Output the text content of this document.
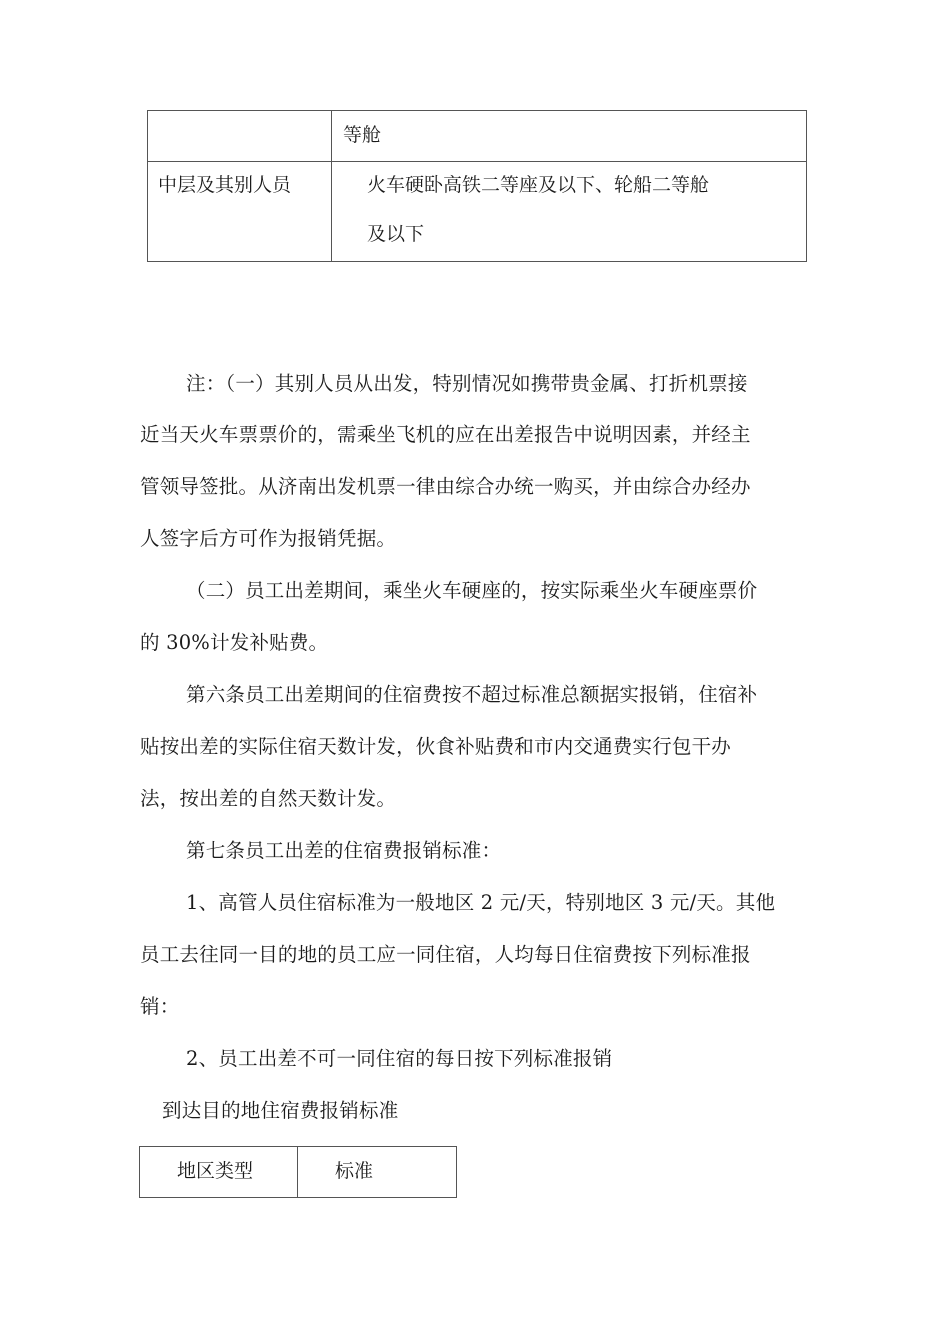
等舱
中层及其别人员	火车硬卧高铁二等座及以下、轮船二等舱
及以下
注：（一）其别人员从出发，特别情况如携带贵金属、打折机票接
近当天火车票票价的，需乘坐飞机的应在出差报告中说明因素，并经主
管领导签批。从济南出发机票一律由综合办统一购买，并由综合办经办
人签字后方可作为报销凭据。
（二）员工出差期间，乘坐火车硬座的，按实际乘坐火车硬座票价
的 30%计发补贴费。
第六条员工出差期间的住宿费按不超过标准总额据实报销，住宿补
贴按出差的实际住宿天数计发，伙食补贴费和市内交通费实行包干办
法，按出差的自然天数计发。
第七条员工出差的住宿费报销标准：
1、高管人员住宿标准为一般地区 2 元/天，特别地区 3 元/天。其他
员工去往同一目的地的员工应一同住宿，人均每日住宿费按下列标准报
销：
2、员工出差不可一同住宿的每日按下列标准报销
到达目的地住宿费报销标准
地区类型	标准
